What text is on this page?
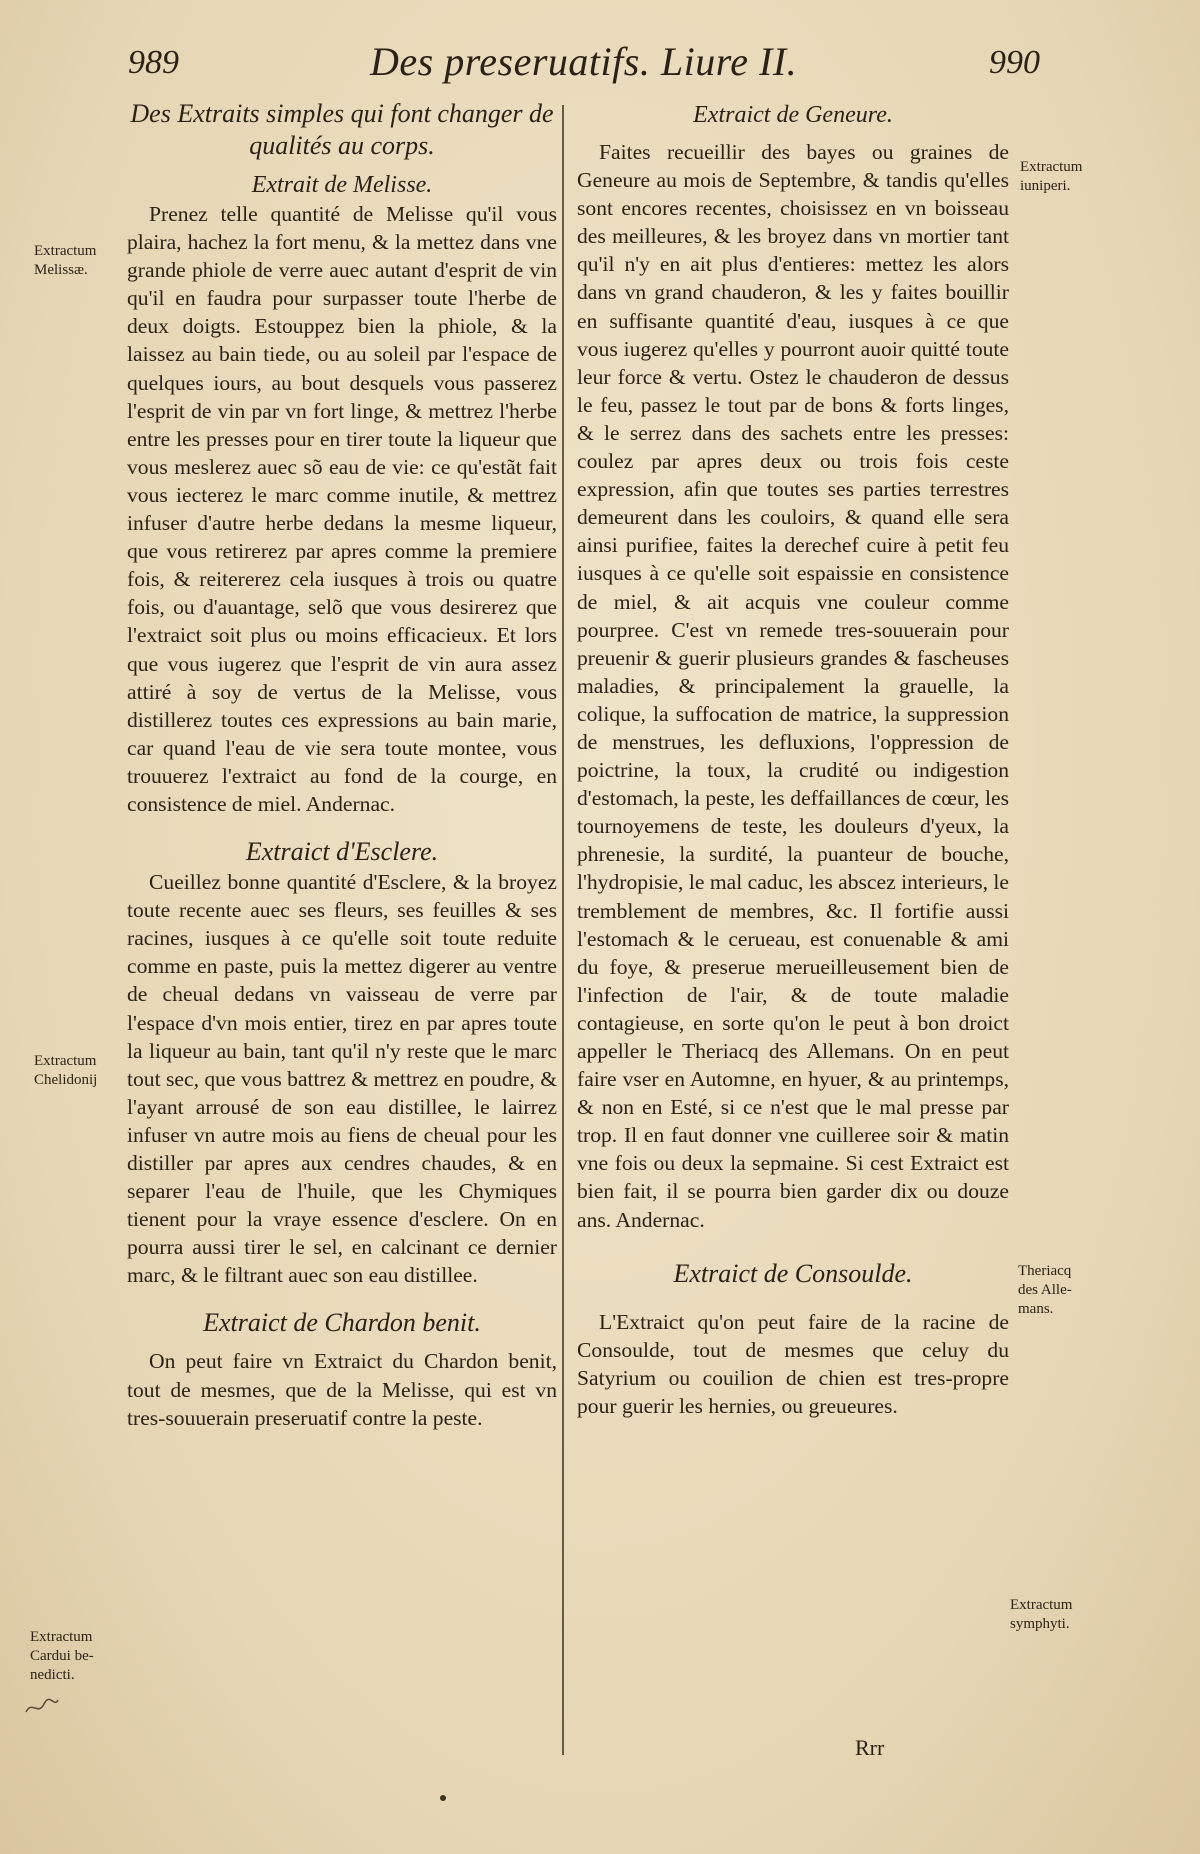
989	Des preseruatifs. Liure II.	990

Des Extraits simples qui font changer de qualités au corps.

Extrait de Melisse.

Prenez telle quantité de Melisse qu'il vous plaira, hachez la fort menu, & la mettez dans vne grande phiole de verre auec autant d'esprit de vin qu'il en faudra pour surpasser toute l'herbe de deux doigts. Estouppez bien la phiole, & la laissez au bain tiede, ou au soleil par l'espace de quelques iours, au bout desquels vous passerez l'esprit de vin par vn fort linge, & mettrez l'herbe entre les presses pour en tirer toute la liqueur que vous meslerez auec sõ eau de vie: ce qu'estãt fait vous iecterez le marc comme inutile, & mettrez infuser d'autre herbe dedans la mesme liqueur, que vous retirerez par apres comme la premiere fois, & reitererez cela iusques à trois ou quatre fois, ou d'auantage, selõ que vous desirerez que l'extraict soit plus ou moins efficacieux. Et lors que vous iugerez que l'esprit de vin aura assez attiré à soy de vertus de la Melisse, vous distillerez toutes ces expressions au bain marie, car quand l'eau de vie sera toute montee, vous trouuerez l'extraict au fond de la courge, en consistence de miel. Andernac.

Extraict d'Esclere.

Cueillez bonne quantité d'Esclere, & la broyez toute recente auec ses fleurs, ses feuilles & ses racines, iusques à ce qu'elle soit toute reduite comme en paste, puis la mettez digerer au ventre de cheual dedans vn vaisseau de verre par l'espace d'vn mois entier, tirez en par apres toute la liqueur au bain, tant qu'il n'y reste que le marc tout sec, que vous battrez & mettrez en poudre, & l'ayant arrousé de son eau distillee, le lairrez infuser vn autre mois au fiens de cheual pour les distiller par apres aux cendres chaudes, & en separer l'eau de l'huile, que les Chymiques tienent pour la vraye essence d'esclere. On en pourra aussi tirer le sel, en calcinant ce dernier marc, & le filtrant auec son eau distillee.

Extraict de Chardon benit.

On peut faire vn Extraict du Chardon benit, tout de mesmes, que de la Melisse, qui est vn tres-souuerain preseruatif contre la peste.

Extraict de Geneure.

Faites recueillir des bayes ou graines de Geneure au mois de Septembre, & tandis qu'elles sont encores recentes, choisissez en vn boisseau des meilleures, & les broyez dans vn mortier tant qu'il n'y en ait plus d'entieres: mettez les alors dans vn grand chauderon, & les y faites bouillir en suffisante quantité d'eau, iusques à ce que vous iugerez qu'elles y pourront auoir quitté toute leur force & vertu. Ostez le chauderon de dessus le feu, passez le tout par de bons & forts linges, & le serrez dans des sachets entre les presses: coulez par apres deux ou trois fois ceste expression, afin que toutes ses parties terrestres demeurent dans les couloirs, & quand elle sera ainsi purifiee, faites la derechef cuire à petit feu iusques à ce qu'elle soit espaissie en consistence de miel, & ait acquis vne couleur comme pourpree. C'est vn remede tres-souuerain pour preuenir & guerir plusieurs grandes & fascheuses maladies, & principalement la grauelle, la colique, la suffocation de matrice, la suppression de menstrues, les defluxions, l'oppression de poictrine, la toux, la crudité ou indigestion d'estomach, la peste, les deffaillances de cœur, les tournoyemens de teste, les douleurs d'yeux, la phrenesie, la surdité, la puanteur de bouche, l'hydropisie, le mal caduc, les abscez interieurs, le tremblement de membres, &c. Il fortifie aussi l'estomach & le cerueau, est conuenable & ami du foye, & preserue merueilleusement bien de l'infection de l'air, & de toute maladie contagieuse, en sorte qu'on le peut à bon droict appeller le Theriacq des Allemans. On en peut faire vser en Automne, en hyuer, & au printemps, & non en Esté, si ce n'est que le mal presse par trop. Il en faut donner vne cuilleree soir & matin vne fois ou deux la sepmaine. Si cest Extraict est bien fait, il se pourra bien garder dix ou douze ans. Andernac.

Extraict de Consoulde.

L'Extraict qu'on peut faire de la racine de Consoulde, tout de mesmes que celuy du Satyrium ou couilion de chien est tres-propre pour guerir les hernies, ou greueures.

Extractum
Melissæ.
Extractum
Chelidonij
Extractum
Cardui be-
nedicti.
Extractum
iuniperi.
Theriacq
des Alle-
mans.
Extractum
symphyti.
Rrr
